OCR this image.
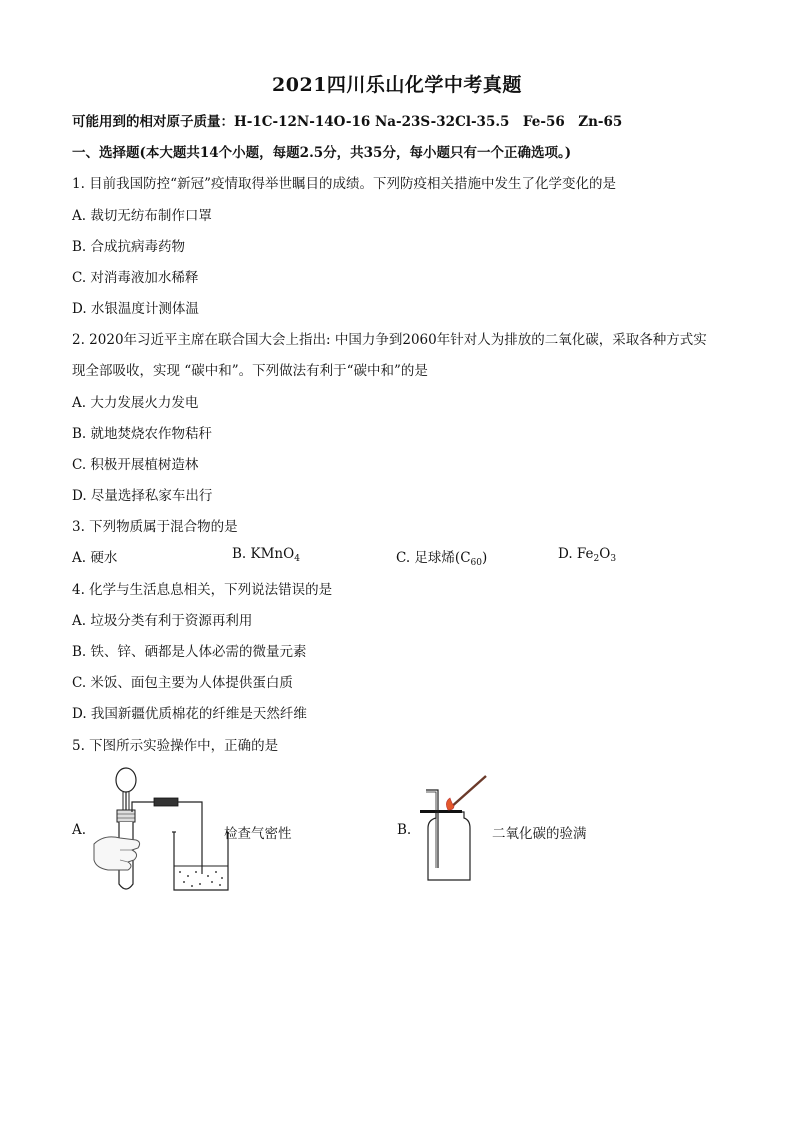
2021四川乐山化学中考真题
可能用到的相对原子质量：H-1C-12N-14O-16 Na-23S-32Cl-35.5　Fe-56　Zn-65
一、选择题(本大题共14个小题，每题2.5分，共35分，每小题只有一个正确选项。)
1. 目前我国防控“新冠”疫情取得举世瞩目的成绩。下列防疫相关措施中发生了化学变化的是
A. 裁切无纺布制作口罩
B. 合成抗病毒药物
C. 对消毒液加水稀释
D. 水银温度计测体温
2. 2020年习近平主席在联合国大会上指出: 中国力争到2060年针对人为排放的二氧化碳，采取各种方式实
现全部吸收，实现 “碳中和”。下列做法有利于“碳中和”的是
A. 大力发展火力发电
B. 就地焚烧农作物秸秆
C. 积极开展植树造林
D. 尽量选择私家车出行
3. 下列物质属于混合物的是
A. 硬水	B. KMnO$_4$	C. 足球烯$(C_{60})$	D. $Fe_2O_3$
4. 化学与生活息息相关，下列说法错误的是
A. 垃圾分类有利于资源再利用
B. 铁、锌、硒都是人体必需的微量元素
C. 米饭、面包主要为人体提供蛋白质
D. 我国新疆优质棉花的纤维是天然纤维
5. 下图所示实验操作中，正确的是
A.	检查气密性	B.	二氧化碳的验满
